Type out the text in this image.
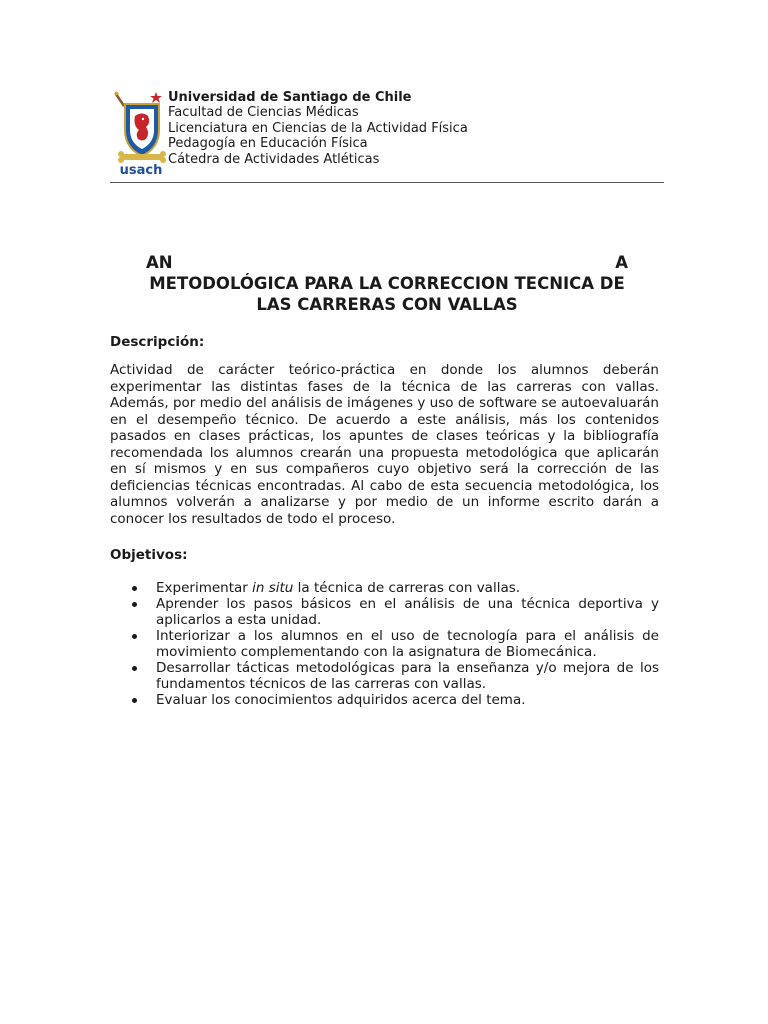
usach
Universidad de Santiago de Chile
Facultad de Ciencias Médicas
Licenciatura en Ciencias de la Actividad Física
Pedagogía en Educación Física
Cátedra de Actividades Atléticas
AN	A
METODOLÓGICA PARA LA CORRECCION TECNICA DE
LAS CARRERAS CON VALLAS
Descripción:
Actividad de carácter teórico-práctica en donde los alumnos deberán experimentar las distintas fases de la técnica de las carreras con vallas. Además, por medio del análisis de imágenes y uso de software se autoevaluarán en el desempeño técnico. De acuerdo a este análisis, más los contenidos pasados en clases prácticas, los apuntes de clases teóricas y la bibliografía recomendada los alumnos crearán una propuesta metodológica que aplicarán en sí mismos y en sus compañeros cuyo objetivo será la corrección de las deficiencias técnicas encontradas. Al cabo de esta secuencia metodológica, los alumnos volverán a analizarse y por medio de un informe escrito darán a conocer los resultados de todo el proceso.
Objetivos:
Experimentar in situ la técnica de carreras con vallas.
Aprender los pasos básicos en el análisis de una técnica deportiva y aplicarlos a esta unidad.
Interiorizar a los alumnos en el uso de tecnología para el análisis de movimiento complementando con la asignatura de Biomecánica.
Desarrollar tácticas metodológicas para la enseñanza y/o mejora de los fundamentos técnicos de las carreras con vallas.
Evaluar los conocimientos adquiridos acerca del tema.
